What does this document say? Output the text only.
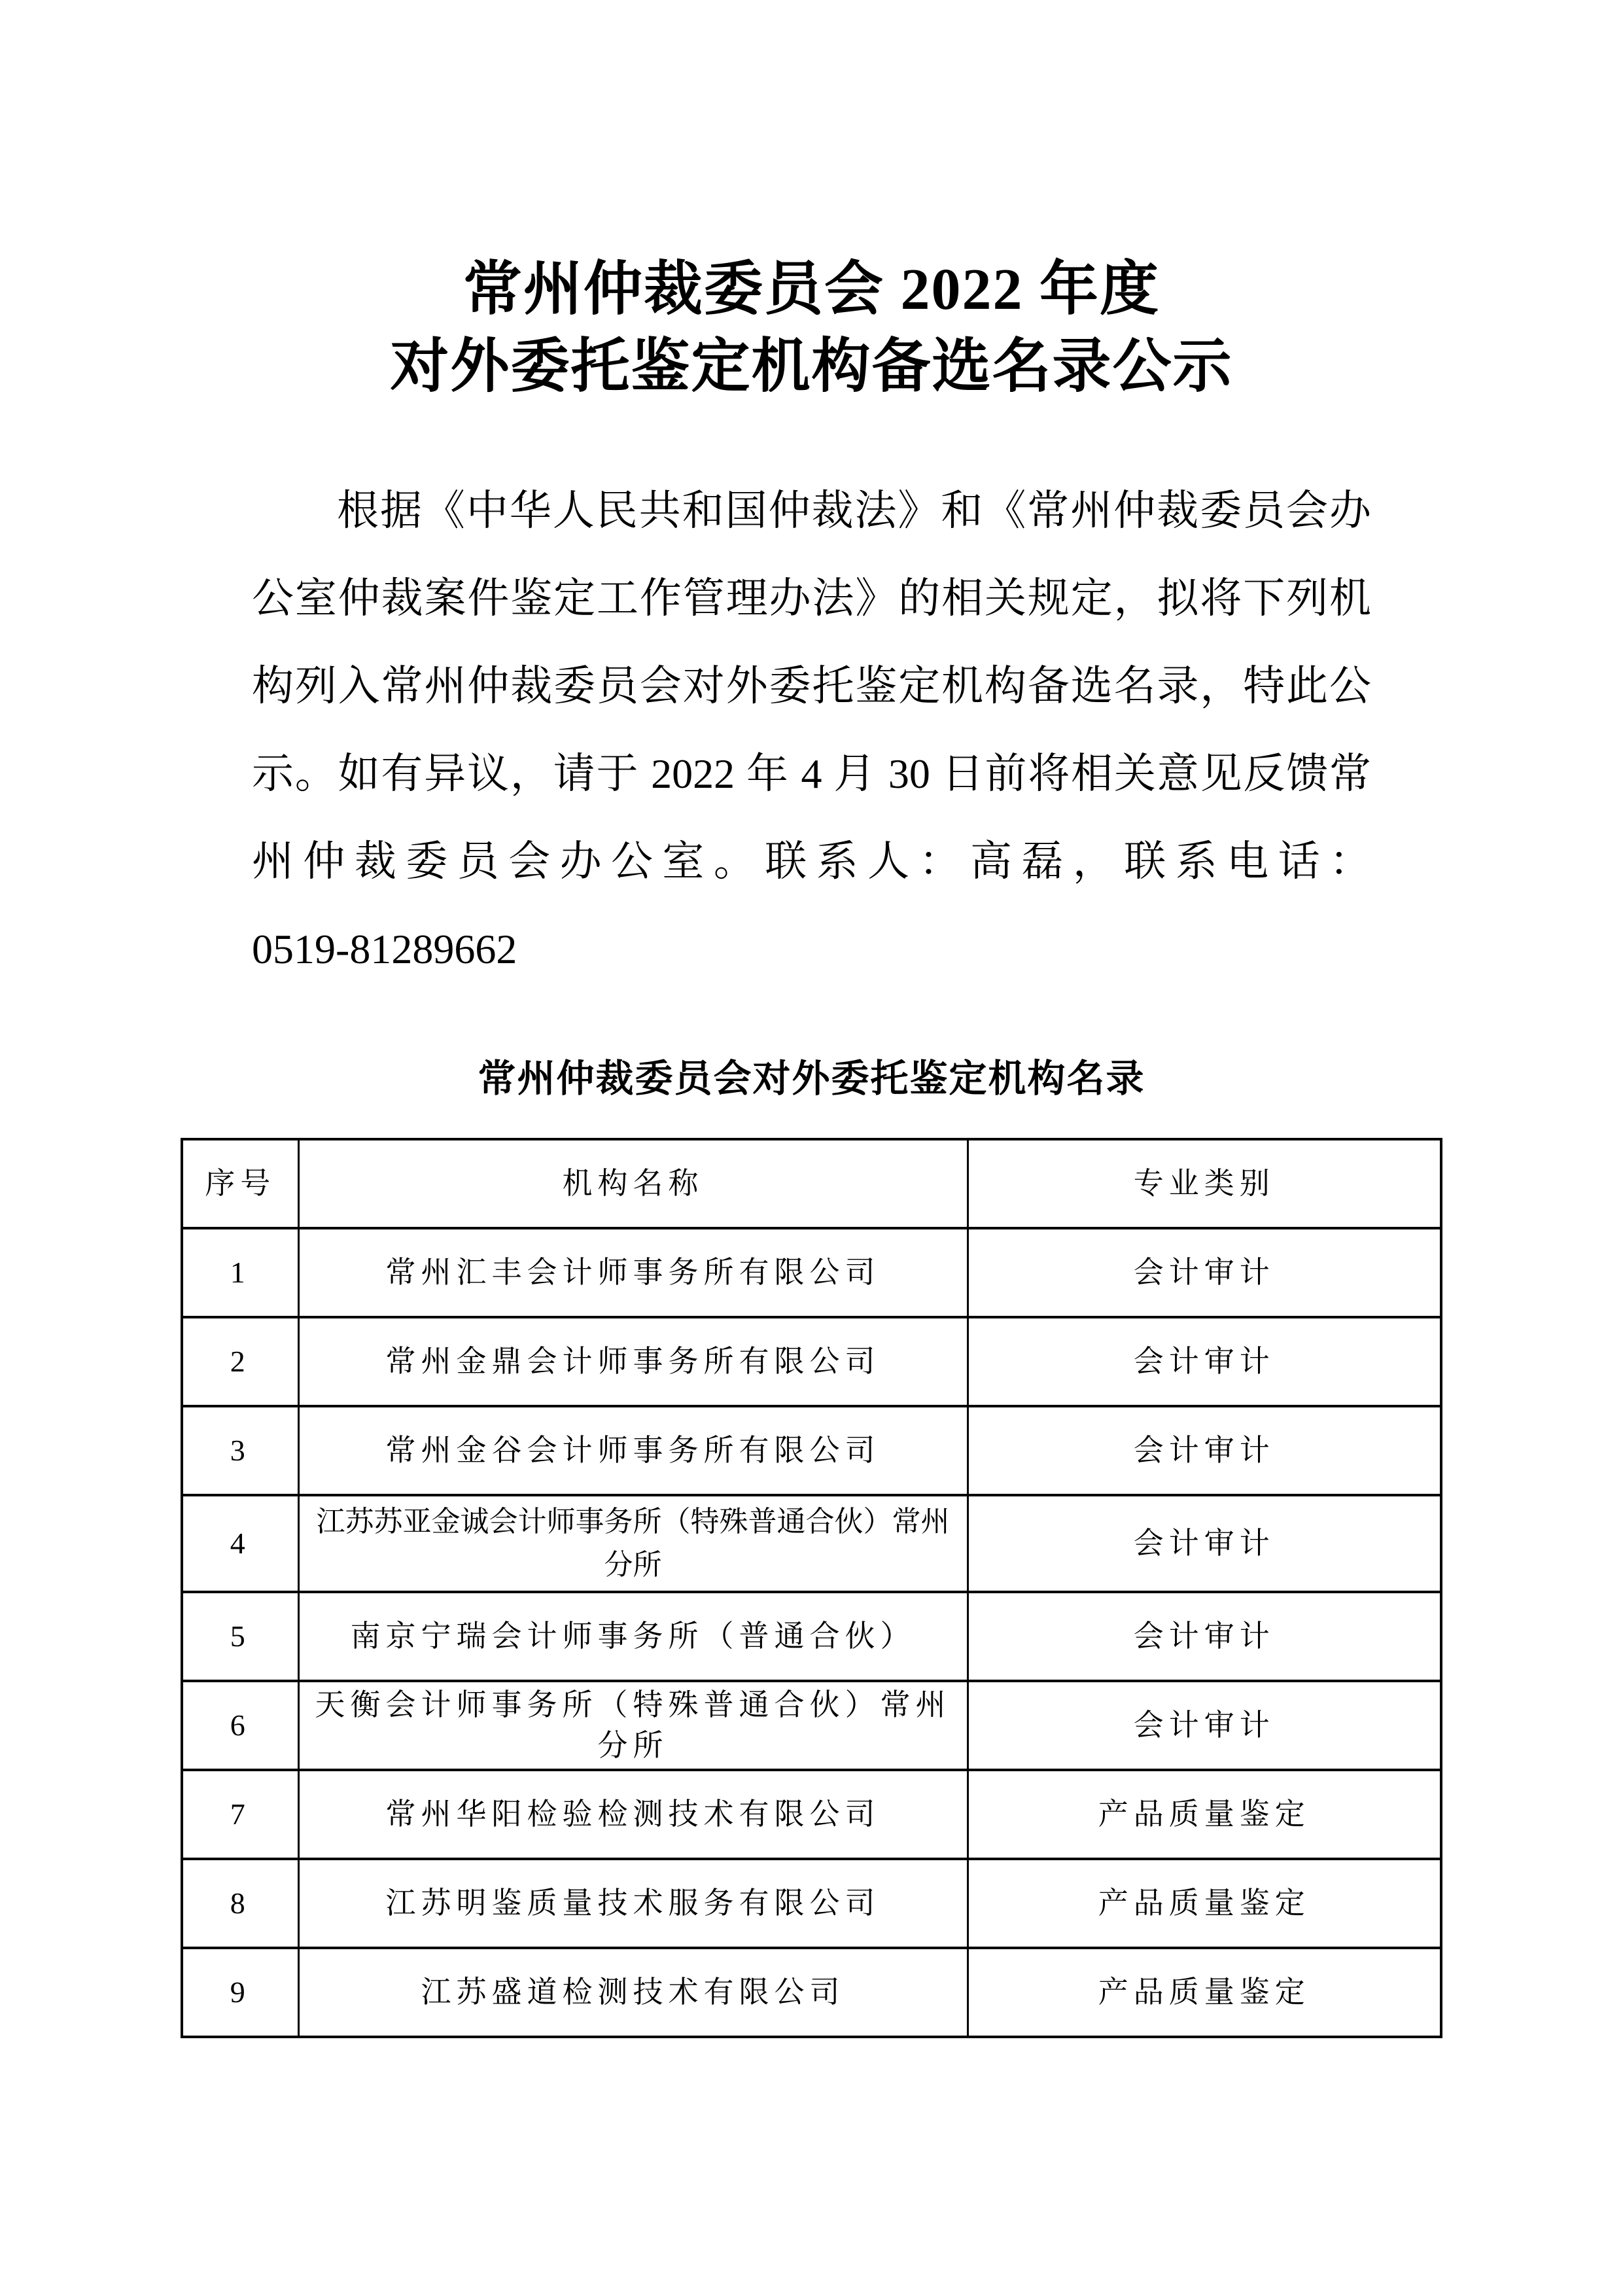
常州仲裁委员会 2022 年度
对外委托鉴定机构备选名录公示
根据《中华人民共和国仲裁法》和《常州仲裁委员会办
公室仲裁案件鉴定工作管理办法》的相关规定，拟将下列机
构列入常州仲裁委员会对外委托鉴定机构备选名录，特此公
示。如有异议，请于 2022 年 4 月 30 日前将相关意见反馈常
州仲裁委员会办公室。联系人：高磊，联系电话：
0519-81289662
常州仲裁委员会对外委托鉴定机构名录
序号	机构名称	专业类别
1	常州汇丰会计师事务所有限公司	会计审计
2	常州金鼎会计师事务所有限公司	会计审计
3	常州金谷会计师事务所有限公司	会计审计
4	江苏苏亚金诚会计师事务所（特殊普通合伙）常州分所	会计审计
5	南京宁瑞会计师事务所（普通合伙）	会计审计
6	天衡会计师事务所（特殊普通合伙）常州分所	会计审计
7	常州华阳检验检测技术有限公司	产品质量鉴定
8	江苏明鉴质量技术服务有限公司	产品质量鉴定
9	江苏盛道检测技术有限公司	产品质量鉴定
